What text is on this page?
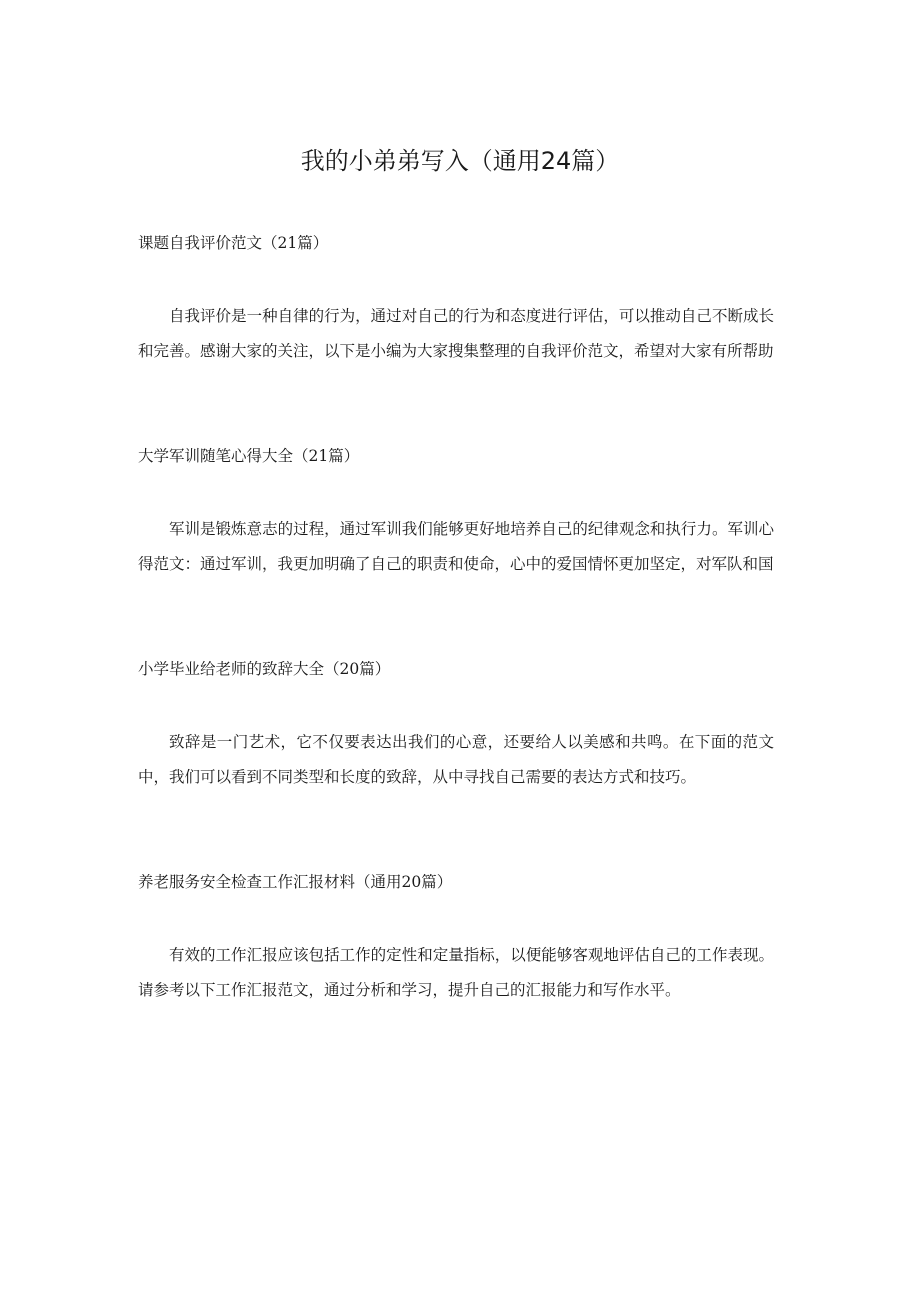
我的小弟弟写入（通用24篇）

课题自我评价范文（21篇）

自我评价是一种自律的行为，通过对自己的行为和态度进行评估，可以推动自己不断成长和完善。感谢大家的关注，以下是小编为大家搜集整理的自我评价范文，希望对大家有所帮助

大学军训随笔心得大全（21篇）

军训是锻炼意志的过程，通过军训我们能够更好地培养自己的纪律观念和执行力。军训心得范文：通过军训，我更加明确了自己的职责和使命，心中的爱国情怀更加坚定，对军队和国

小学毕业给老师的致辞大全（20篇）

致辞是一门艺术，它不仅要表达出我们的心意，还要给人以美感和共鸣。在下面的范文中，我们可以看到不同类型和长度的致辞，从中寻找自己需要的表达方式和技巧。

养老服务安全检查工作汇报材料（通用20篇）

有效的工作汇报应该包括工作的定性和定量指标，以便能够客观地评估自己的工作表现。请参考以下工作汇报范文，通过分析和学习，提升自己的汇报能力和写作水平。
